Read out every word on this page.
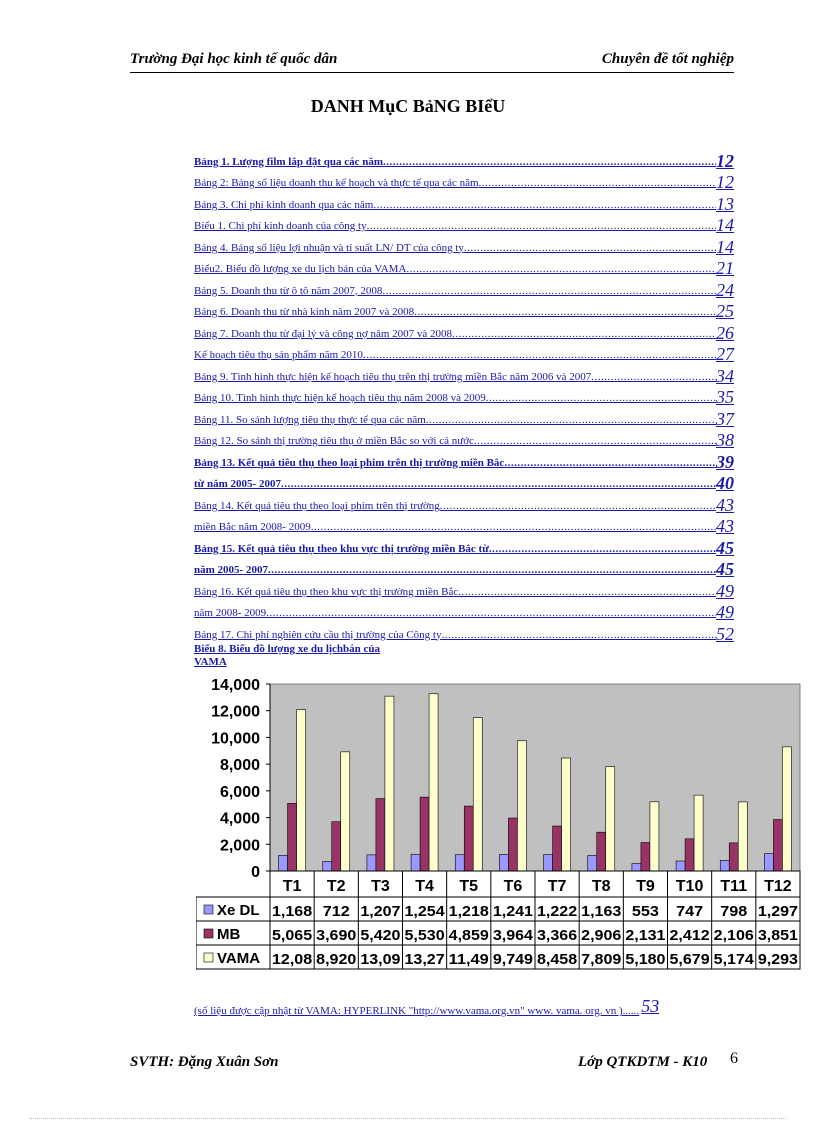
Trường Đại học kinh tế quốc dân	Chuyên đề tốt nghiệp
DANH MụC BảNG BIểU
Bảng 1. Lượng film lắp đặt qua các năm .....	12
Bảng 2: Bảng số liệu doanh thu kế hoạch và thực tế qua các năm .....	12
Bảng 3. Chi phí kinh doanh qua các năm .....	13
Biểu 1. Chi phí kinh doanh của công ty .....	14
Bảng 4. Bảng số liệu lợi nhuận và tỉ suất LN/ DT của công ty .....	14
Biểu2. Biểu đồ lượng xe du lịch bán của VAMA .....	21
Bảng 5. Doanh thu từ ô tô năm 2007, 2008 .....	24
Bảng 6. Doanh thu từ nhà kính năm 2007 và 2008 .....	25
Bảng 7. Doanh thu từ đại lý và công nợ năm 2007 và 2008 .....	26
Kế hoạch tiêu thụ sản phẩm năm 2010 .....	27
Bảng 9. Tình hình thực hiện kế hoạch tiêu thụ trên thị trường miền Bắc năm 2006 và 2007 .....	34
Bảng 10. Tình hình thực hiện kế hoạch tiêu thụ năm 2008 và 2009 .....	35
Bảng 11. So sánh lượng tiêu thụ thực tế qua các năm .....	37
Bảng 12. So sánh thị trường tiêu thụ ở miền Bắc so với cả nước .....	38
Bảng 13. Kết quả tiêu thụ theo loại phim trên thị trường miền Bắc .....	39
từ năm 2005- 2007 .....	40
Bảng 14. Kết quả tiêu thụ theo loại phim trên thị trường .....	43
miền Bắc năm 2008- 2009 .....	43
Bảng 15. Kết quả tiêu thụ theo khu vực thị trường miền Bắc từ .....	45
năm 2005- 2007 .....	45
Bảng 16. Kết quả tiêu thụ theo khu vực thị trường miền Bắc .....	49
năm 2008- 2009 .....	49
Bảng 17. Chi phí nghiên cứu cầu thị trường của Công ty .....	52
Biểu 8. Biểu đồ lượng xe du lịchbán của
VAMA
14,000
12,000
10,000
8,000
6,000
4,000
2,000
0
T1 T2 T3 T4 T5 T6 T7 T8 T9 T10 T11 T12
Xe DL 1,168 712 1,207 1,254 1,218 1,241 1,222 1,163 553 747 798 1,297
MB 5,065 3,690 5,420 5,530 4,859 3,964 3,366 2,906 2,131 2,412 2,106 3,851
VAMA 12,08 8,920 13,09 13,27 11,49 9,749 8,458 7,809 5,180 5,679 5,174 9,293
(số liệu được cập nhật từ VAMA: HYPERLINK "http://www.vama.org.vn" www. vama. org. vn )...... 53
SVTH: Đặng Xuân Sơn	Lớp QTKDTM - K10 6
